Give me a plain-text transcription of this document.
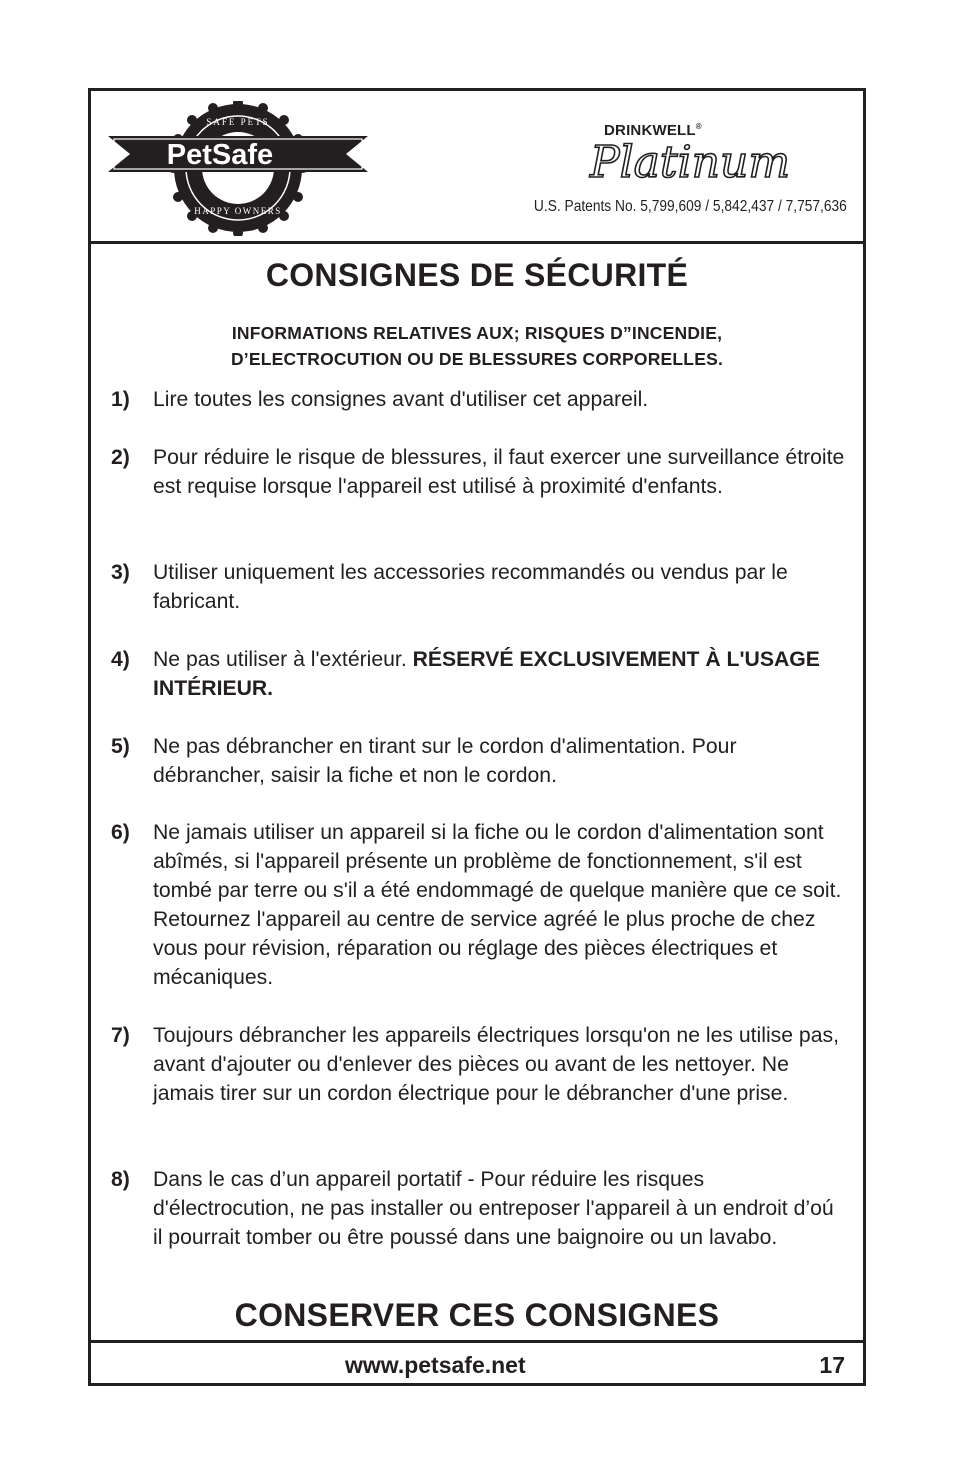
PetSafe
SAFE PETS
HAPPY OWNERS
DRINKWELL®
Platinum
U.S. Patents No. 5,799,609 / 5,842,437 / 7,757,636
CONSIGNES DE SÉCURITÉ
INFORMATIONS RELATIVES AUX; RISQUES D”INCENDIE,
D’ELECTROCUTION OU DE BLESSURES CORPORELLES.
1) Lire toutes les consignes avant d'utiliser cet appareil.
2) Pour réduire le risque de blessures, il faut exercer une surveillance étroite est requise lorsque l'appareil est utilisé à proximité d'enfants.
3) Utiliser uniquement les accessories recommandés ou vendus par le fabricant.
4) Ne pas utiliser à l'extérieur. RÉSERVÉ EXCLUSIVEMENT À L'USAGE INTÉRIEUR.
5) Ne pas débrancher en tirant sur le cordon d'alimentation. Pour débrancher, saisir la fiche et non le cordon.
6) Ne jamais utiliser un appareil si la fiche ou le cordon d'alimentation sont abîmés, si l'appareil présente un problème de fonctionnement, s'il est tombé par terre ou s'il a été endommagé de quelque manière que ce soit. Retournez l'appareil au centre de service agréé le plus proche de chez vous pour révision, réparation ou réglage des pièces électriques et mécaniques.
7) Toujours débrancher les appareils électriques lorsqu'on ne les utilise pas, avant d'ajouter ou d'enlever des pièces ou avant de les nettoyer. Ne jamais tirer sur un cordon électrique pour le débrancher d'une prise.
8) Dans le cas d’un appareil portatif - Pour réduire les risques d'électrocution, ne pas installer ou entreposer l'appareil à un endroit d’oú il pourrait tomber ou être poussé dans une baignoire ou un lavabo.
CONSERVER CES CONSIGNES
www.petsafe.net	17
